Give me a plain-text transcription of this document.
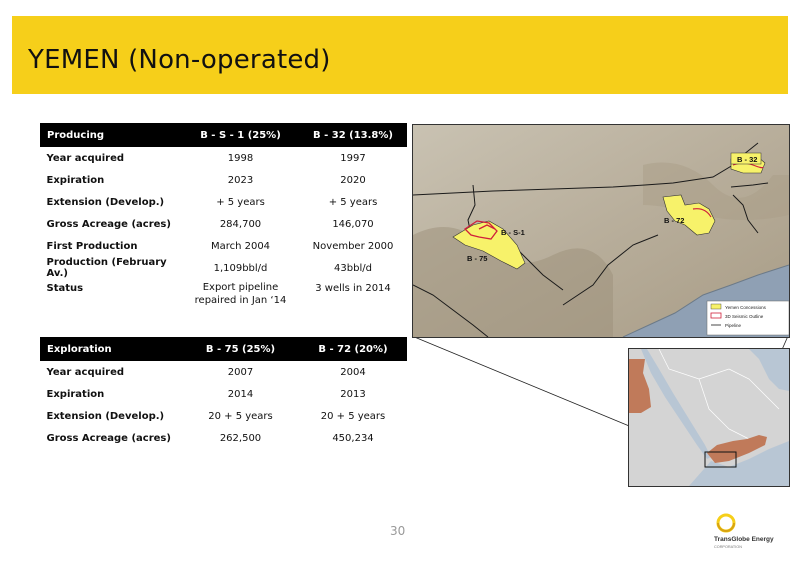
YEMEN (Non-operated)
Producing	B - S - 1 (25%)	B - 32 (13.8%)
Year acquired	1998	1997
Expiration	2023	2020
Extension (Develop.)	+ 5 years	+ 5 years
Gross Acreage (acres)	284,700	146,070
First Production	March 2004	November 2000
Production (February Av.)	1,109bbl/d	43bbl/d
Status	Export pipeline repaired in Jan ‘14	3 wells in 2014
Exploration	B - 75 (25%)	B - 72 (20%)
Year acquired	2007	2004
Expiration	2014	2013
Extension (Develop.)	20 + 5 years	20 + 5 years
Gross Acreage (acres)	262,500	450,234
B - 32
B - 72
B - S-1
B - 75
Yemen Concessions
3D Seismic Outline
Pipeline
30
TransGlobe Energy
CORPORATION
